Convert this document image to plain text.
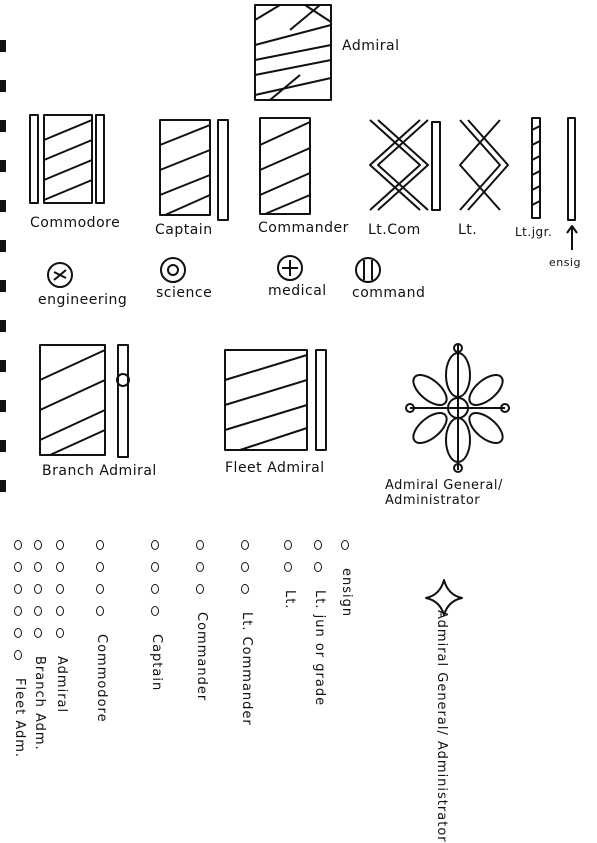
Admiral
Commodore Captain	Commander Lt.Com	Lt.	Lt.jgr.
ensig
engineering science	medical command
Branch Admiral	Fleet Admiral
Admiral General/ Administrator
Fleet Adm. Branch Adm. Admiral Commodore	Captain Commander Lt. Commander
Lt. Lt. jun or grade ensign
Admiral General/ Administrator
